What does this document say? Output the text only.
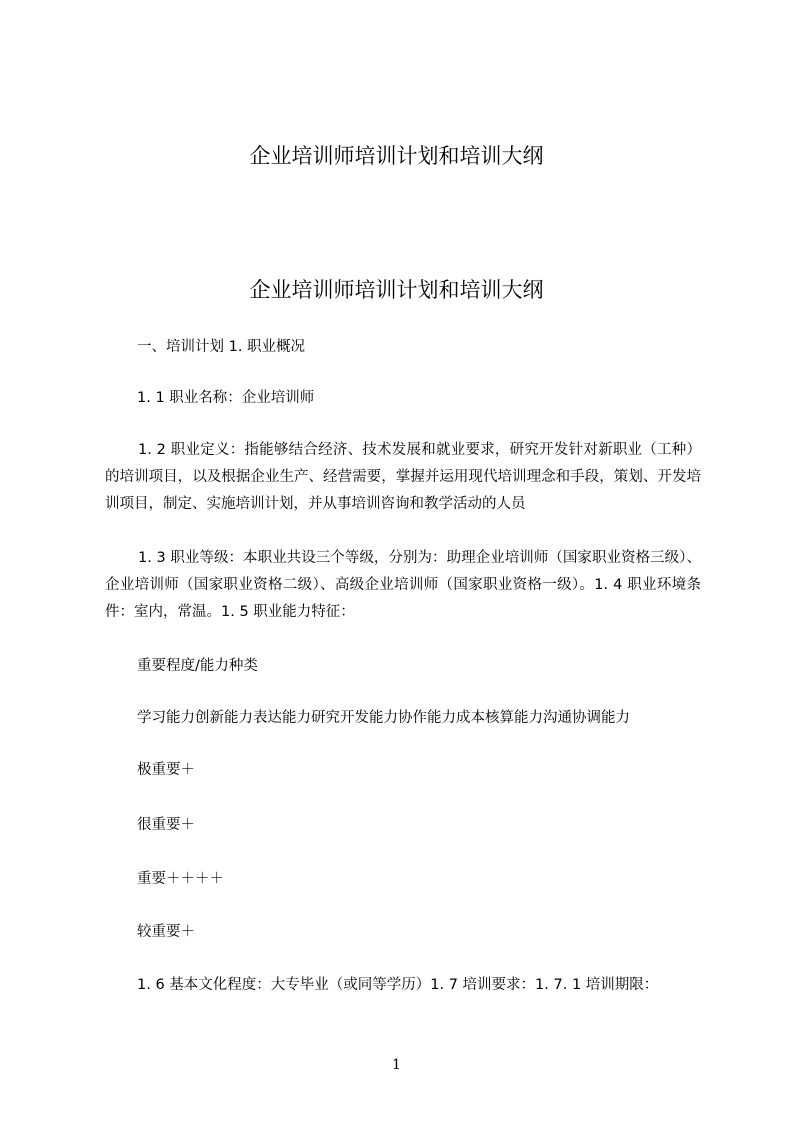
企业培训师培训计划和培训大纲
企业培训师培训计划和培训大纲
一、培训计划 1. 职业概况
1. 1 职业名称：企业培训师
1. 2 职业定义：指能够结合经济、技术发展和就业要求，研究开发针对新职业（工种）的培训项目，以及根据企业生产、经营需要，掌握并运用现代培训理念和手段，策划、开发培训项目，制定、实施培训计划，并从事培训咨询和教学活动的人员
1. 3 职业等级：本职业共设三个等级，分别为：助理企业培训师（国家职业资格三级）、企业培训师（国家职业资格二级）、高级企业培训师（国家职业资格一级）。1. 4 职业环境条件：室内，常温。1. 5 职业能力特征：
重要程度/能力种类
学习能力创新能力表达能力研究开发能力协作能力成本核算能力沟通协调能力
极重要＋
很重要＋
重要＋＋＋＋
较重要＋
1. 6 基本文化程度：大专毕业（或同等学历）1. 7 培训要求：1. 7. 1 培训期限：
1
